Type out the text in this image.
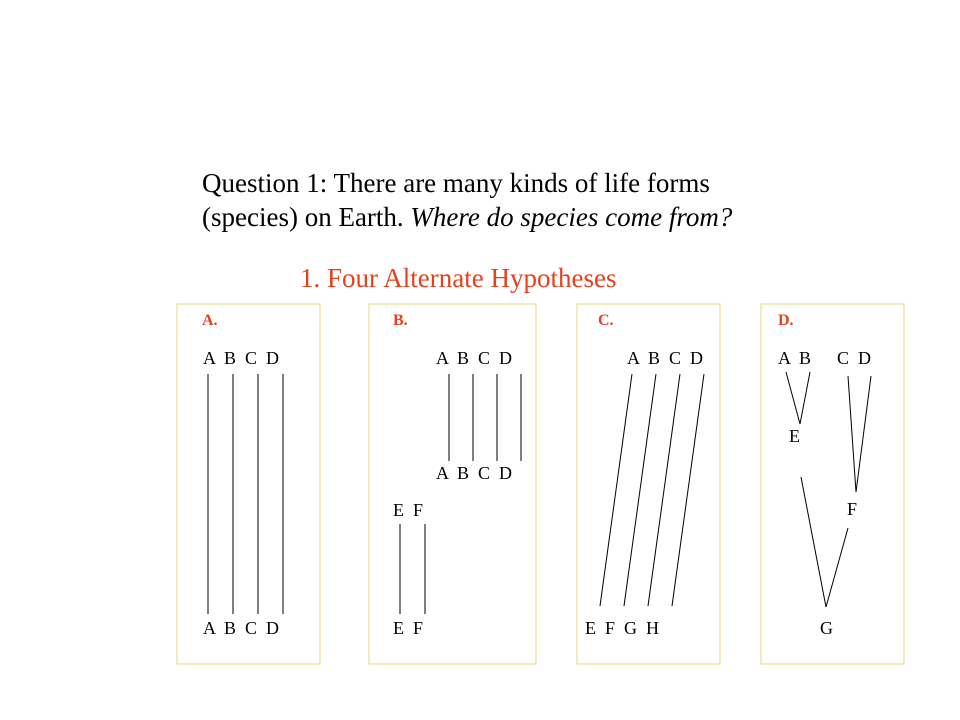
Question 1: There are many kinds of life forms
(species) on Earth. Where do species come from?
1. Four Alternate Hypotheses
A.
A  B  C  D
A  B  C  D
B.
A  B  C  D
A  B  C  D
E  F
E  F
C.
A  B  C  D
E  F  G  H
D.
A  B C  D
E
F
G
